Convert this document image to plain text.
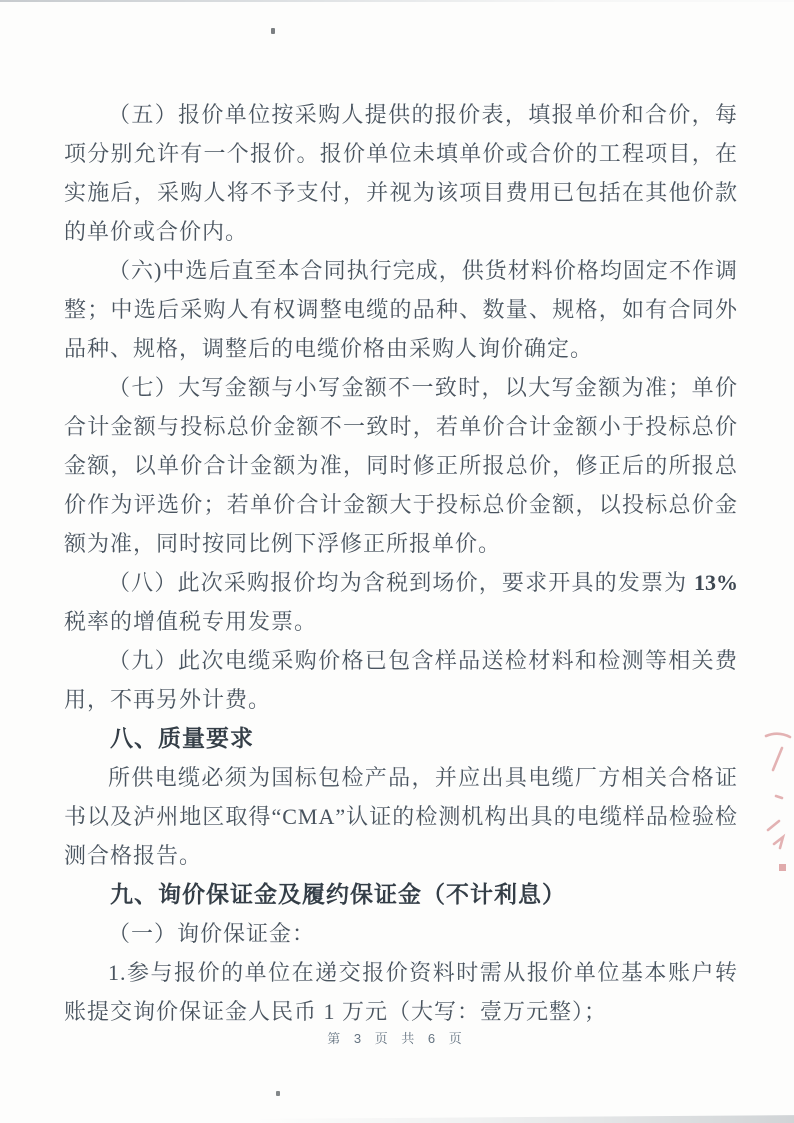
（五）报价单位按采购人提供的报价表，填报单价和合价，每项分别允许有一个报价。报价单位未填单价或合价的工程项目，在实施后，采购人将不予支付，并视为该项目费用已包括在其他价款的单价或合价内。

（六)中选后直至本合同执行完成，供货材料价格均固定不作调整；中选后采购人有权调整电缆的品种、数量、规格，如有合同外品种、规格，调整后的电缆价格由采购人询价确定。

（七）大写金额与小写金额不一致时，以大写金额为准；单价合计金额与投标总价金额不一致时，若单价合计金额小于投标总价金额，以单价合计金额为准，同时修正所报总价，修正后的所报总价作为评选价；若单价合计金额大于投标总价金额，以投标总价金额为准，同时按同比例下浮修正所报单价。

（八）此次采购报价均为含税到场价，要求开具的发票为 13%税率的增值税专用发票。

（九）此次电缆采购价格已包含样品送检材料和检测等相关费用，不再另外计费。

八、质量要求

所供电缆必须为国标包检产品，并应出具电缆厂方相关合格证书以及泸州地区取得“CMA”认证的检测机构出具的电缆样品检验检测合格报告。

九、询价保证金及履约保证金（不计利息）

（一）询价保证金：

1.参与报价的单位在递交报价资料时需从报价单位基本账户转账提交询价保证金人民币 1 万元（大写：壹万元整）；

第 3 页 共 6 页
